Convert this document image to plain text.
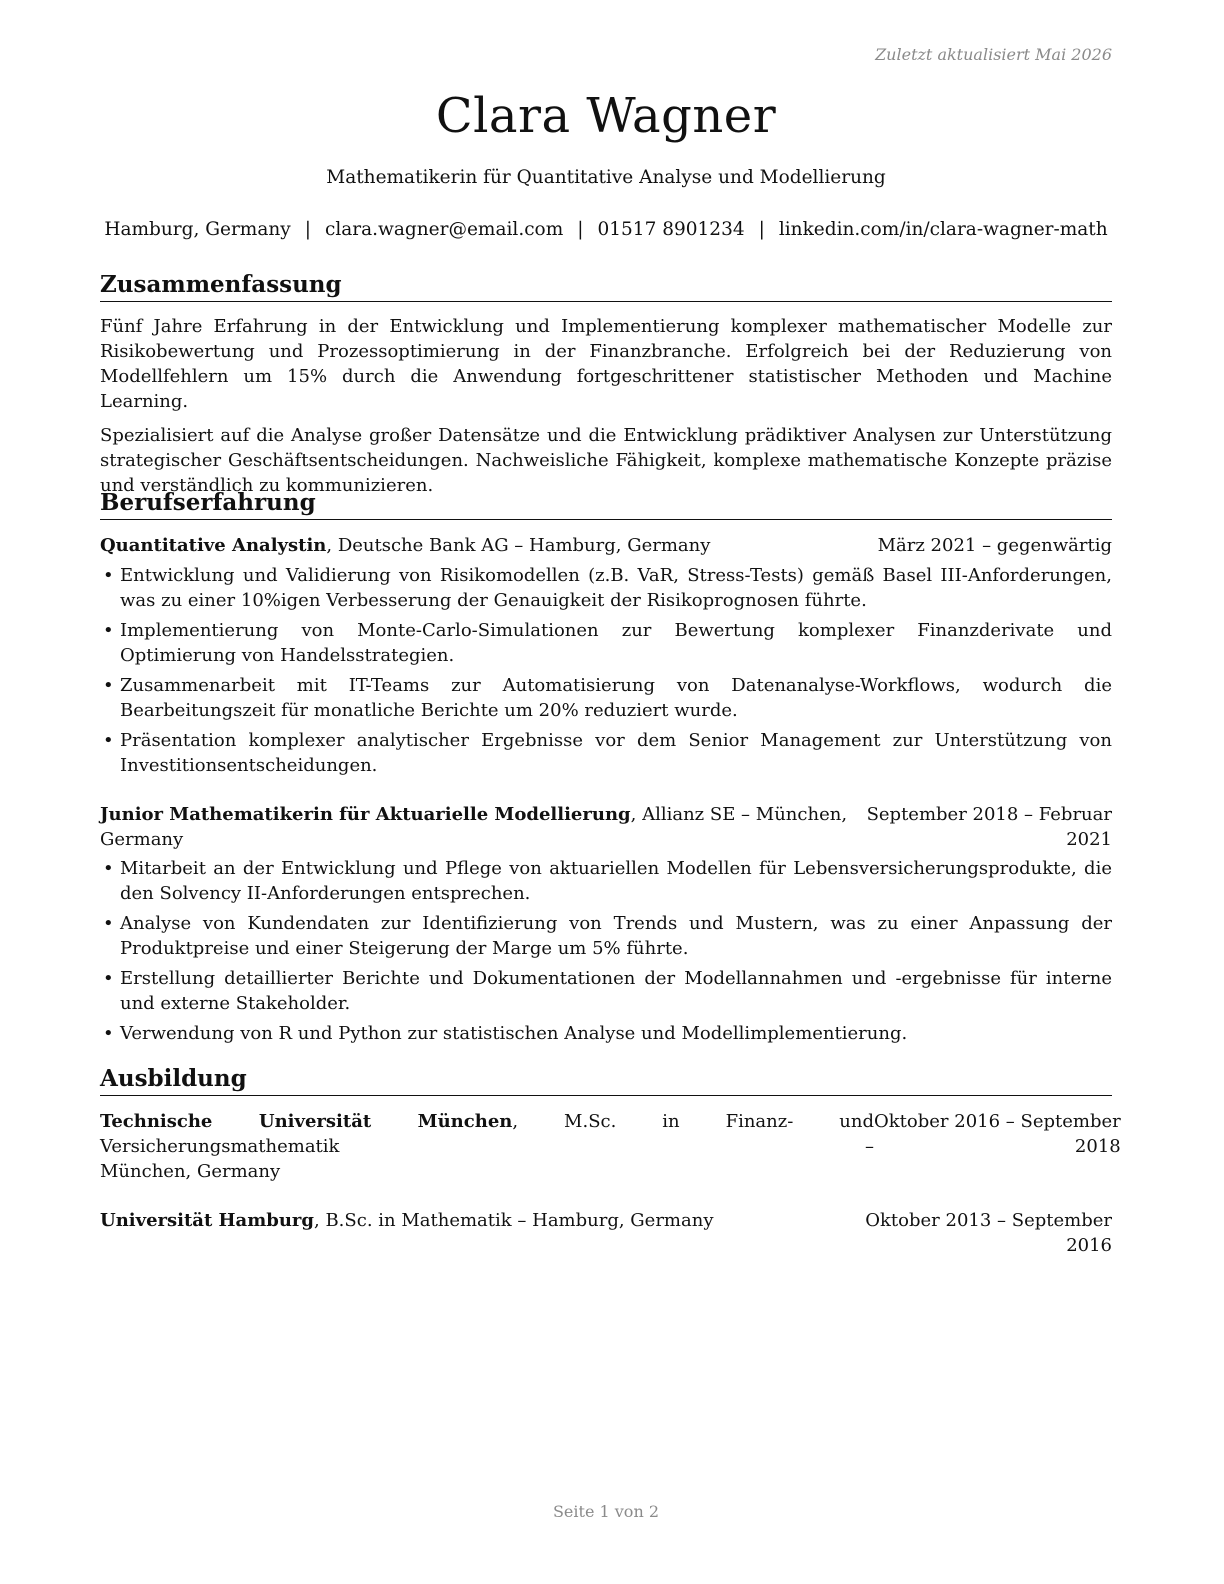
Zuletzt aktualisiert Mai 2026
Clara Wagner
Mathematikerin für Quantitative Analyse und Modellierung
Hamburg, Germany | clara.wagner@email.com | 01517 8901234 | linkedin.com/in/clara-wagner-math
Zusammenfassung

Fünf Jahre Erfahrung in der Entwicklung und Implementierung komplexer mathematischer Modelle zur Risikobewertung und Prozessoptimierung in der Finanzbranche. Erfolgreich bei der Reduzierung von Modellfehlern um 15% durch die Anwendung fortgeschrittener statistischer Methoden und Machine Learning.

Spezialisiert auf die Analyse großer Datensätze und die Entwicklung prädiktiver Analysen zur Unterstützung strategischer Geschäftsentscheidungen. Nachweisliche Fähigkeit, komplexe mathematische Konzepte präzise und verständlich zu kommunizieren.

Berufserfahrung
Quantitative Analystin, Deutsche Bank AG – Hamburg, Germany	März 2021 – gegenwärtig
• Entwicklung und Validierung von Risikomodellen (z.B. VaR, Stress-Tests) gemäß Basel III-Anforderungen, was zu einer 10%igen Verbesserung der Genauigkeit der Risikoprognosen führte.
• Implementierung von Monte-Carlo-Simulationen zur Bewertung komplexer Finanzderivate und Optimierung von Handelsstrategien.
• Zusammenarbeit mit IT-Teams zur Automatisierung von Datenanalyse-Workflows, wodurch die Bearbeitungszeit für monatliche Berichte um 20% reduziert wurde.
• Präsentation komplexer analytischer Ergebnisse vor dem Senior Management zur Unterstützung von Investitionsentscheidungen.
Junior Mathematikerin für Aktuarielle Modellierung, Allianz SE – München, Germany
September 2018 – Februar
2021
• Mitarbeit an der Entwicklung und Pflege von aktuariellen Modellen für Lebensversicherungsprodukte, die den Solvency II-Anforderungen entsprechen.
• Analyse von Kundendaten zur Identifizierung von Trends und Mustern, was zu einer Anpassung der Produktpreise und einer Steigerung der Marge um 5% führte.
• Erstellung detaillierter Berichte und Dokumentationen der Modellannahmen und -ergebnisse für interne und externe Stakeholder.
• Verwendung von R und Python zur statistischen Analyse und Modellimplementierung.
Ausbildung
Technische Universität München, M.Sc. in Finanz- und Versicherungsmathematik –
München, Germany
Oktober 2016 – September
2018
Universität Hamburg, B.Sc. in Mathematik – Hamburg, Germany	Oktober 2013 – September
2016
Seite 1 von 2
